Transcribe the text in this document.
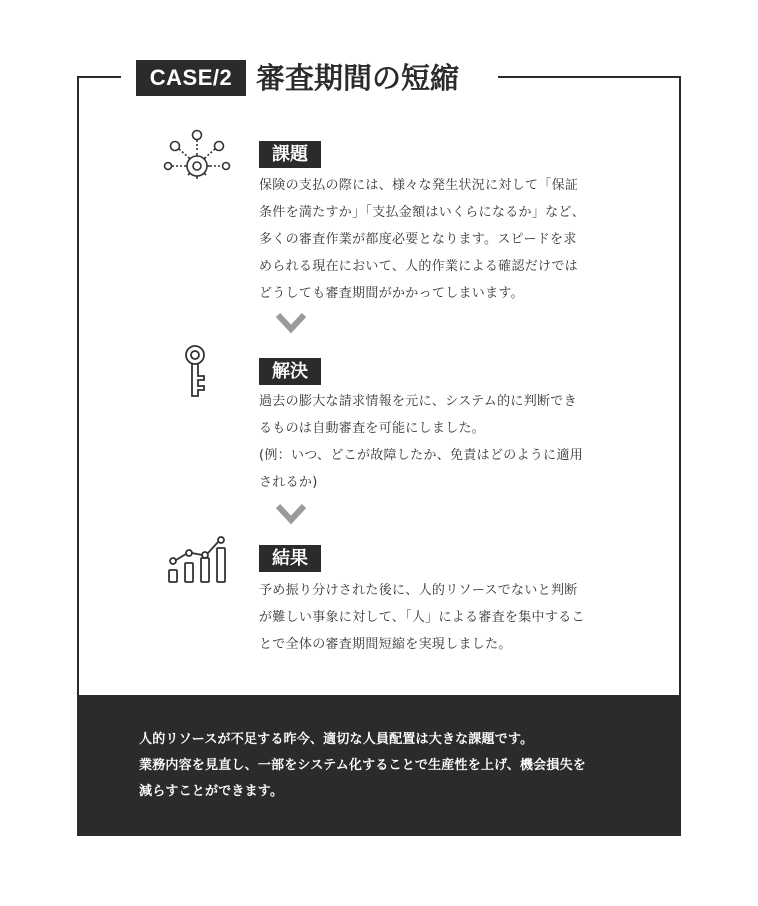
CASE/2 審査期間の短縮
課題

保険の支払の際には、様々な発生状況に対して「保証

条件を満たすか」「支払金額はいくらになるか」など、

多くの審査作業が都度必要となります。スピードを求

められる現在において、人的作業による確認だけでは

どうしても審査期間がかかってしまいます。

解決

過去の膨大な請求情報を元に、システム的に判断でき

るものは自動審査を可能にしました。

(例：いつ、どこが故障したか、免責はどのように適用

されるか)

結果

予め振り分けされた後に、人的リソースでないと判断

が難しい事象に対して、「人」による審査を集中するこ

とで全体の審査期間短縮を実現しました。

人的リソースが不足する昨今、適切な人員配置は大きな課題です。
業務内容を見直し、一部をシステム化することで生産性を上げ、機会損失を
減らすことができます。
